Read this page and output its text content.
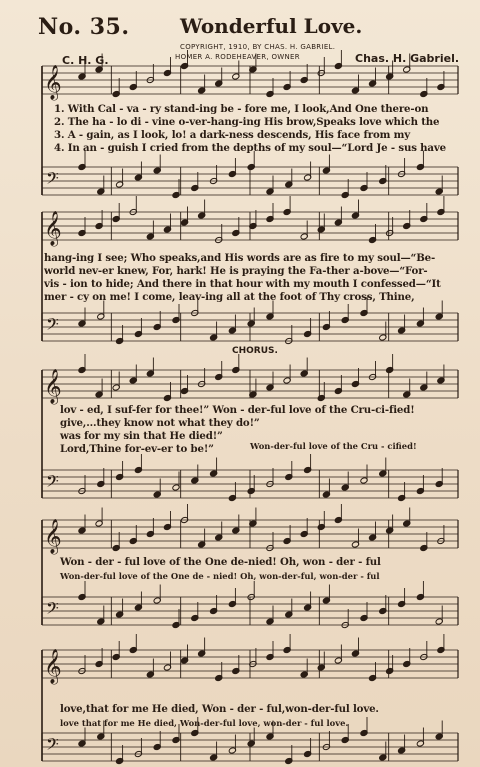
𝄞
𝄢
𝄞
𝄢
𝄞
𝄢
𝄞
𝄢
𝄞
𝄢
No. 35.	Wonderful Love.
COPYRIGHT, 1910, BY CHAS. H. GABRIEL.
HOMER A. RODEHEAVER, OWNER
C. H. G.	Chas. H. Gabriel.
1. With Cal - va - ry stand-ing be - fore me, I look,And One there-on
2. The ha - lo di - vine o-ver-hang-ing His brow,Speaks love which the
3. A - gain, as I look, lo! a dark-ness descends, His face from my
4. In an - guish I cried from the depths of my soul—“Lord Je - sus have
hang-ing I see; Who speaks,and His words are as fire to my soul—“Be-
world nev-er knew, For, hark! He is praying the Fa-ther a-bove—“For-
vis - ion to hide; And there in that hour with my mouth I confessed—“It
mer - cy on me! I come, leav-ing all at the foot of Thy cross, Thine,
CHORUS.
lov - ed, I suf-fer for thee!” Won - der-ful love of the Cru-ci-fied!
give,...they know not what they do!”
was for my sin that He died!”
Lord,Thine for-ev-er to be!”	Won-der-ful love of the Cru - cified!
Won - der - ful love of the One de-nied! Oh, won - der - ful
Won-der-ful love of the One de - nied! Oh, won-der-ful, won-der - ful
love,that for me He died, Won - der - ful,won-der-ful love.
love that for me He died, Won-der-ful love, won-der - ful love.
